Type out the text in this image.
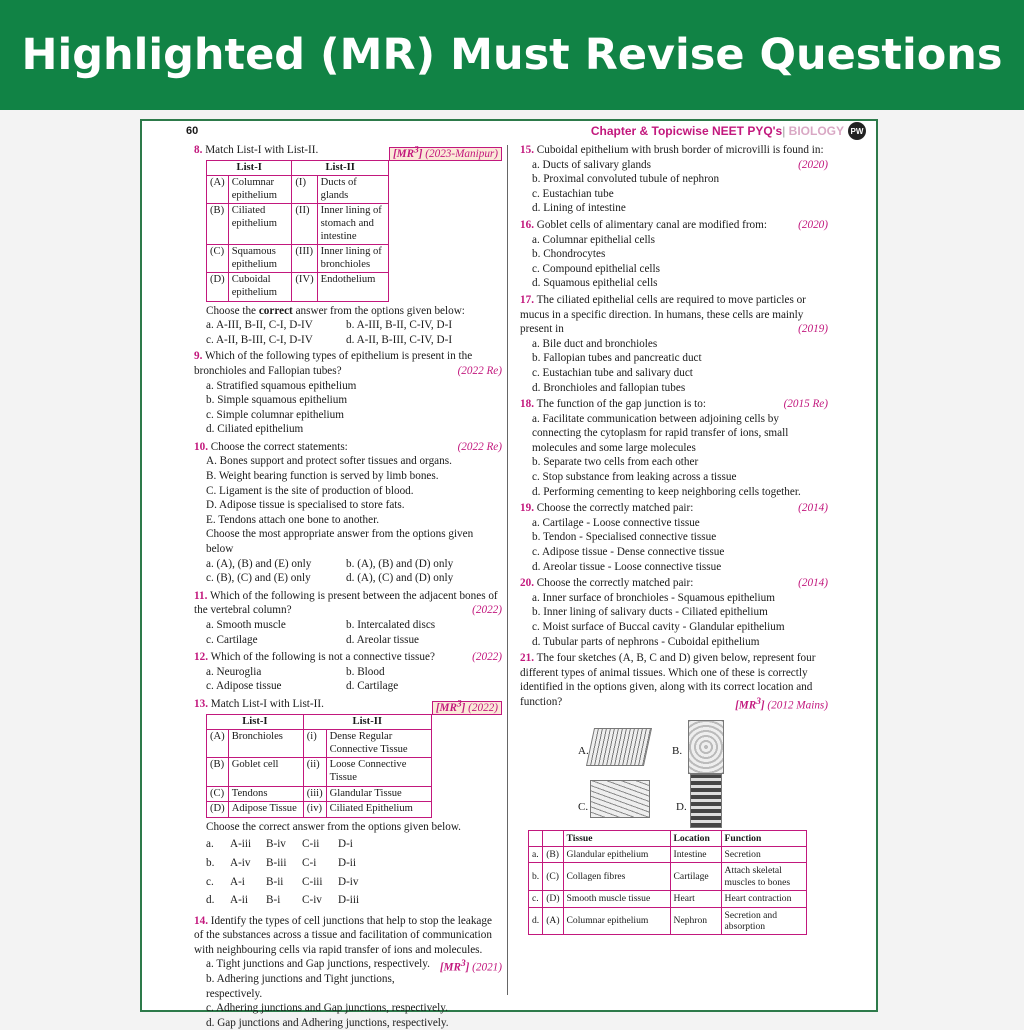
Highlighted (MR) Must Revise Questions
60	Chapter & Topicwise NEET PYQ's| BIOLOGY PW
8. Match List-I with List-II.	$[MR^3]$ (2023-Manipur)
List-I		List-II	
(A)	Columnar epithelium	(I)	Ducts of glands
(B)	Ciliated epithelium	(II)	Inner lining of stomach and intestine
(C)	Squamous epithelium	(III)	Inner lining of bronchioles
(D)	Cuboidal epithelium	(IV)	Endothelium
Choose the correct answer from the options given below:
a. A-III, B-II, C-I, D-IV	b. A-III, B-II, C-IV, D-I
c. A-II, B-III, C-I, D-IV	d. A-II, B-III, C-IV, D-I
9. Which of the following types of epithelium is present in the bronchioles and Fallopian tubes?	(2022 Re)
a. Stratified squamous epithelium
b. Simple squamous epithelium
c. Simple columnar epithelium
d. Ciliated epithelium
10. Choose the correct statements:	(2022 Re)
A. Bones support and protect softer tissues and organs.
B. Weight bearing function is served by limb bones.
C. Ligament is the site of production of blood.
D. Adipose tissue is specialised to store fats.
E. Tendons attach one bone to another.
Choose the most appropriate answer from the options given below
a. (A), (B) and (E) only	b. (A), (B) and (D) only
c. (B), (C) and (E) only	d. (A), (C) and (D) only
11. Which of the following is present between the adjacent bones of the vertebral column?	(2022)
a. Smooth muscle	b. Intercalated discs
c. Cartilage	d. Areolar tissue
12. Which of the following is not a connective tissue?	(2022)
a. Neuroglia	b. Blood
c. Adipose tissue	d. Cartilage
13. Match List-I with List-II.	$[MR^3]$ (2022)
List-I		List-II	
(A)	Bronchioles	(i)	Dense Regular Connective Tissue
(B)	Goblet cell	(ii)	Loose Connective Tissue
(C)	Tendons	(iii)	Glandular Tissue
(D)	Adipose Tissue	(iv)	Ciliated Epithelium
Choose the correct answer from the options given below.
a.	A-iii	B-iv	C-ii	D-i
b.	A-iv	B-iii	C-i	D-ii
c.	A-i	B-ii	C-iii	D-iv
d.	A-ii	B-i	C-iv	D-iii
14. Identify the types of cell junctions that help to stop the leakage of the substances across a tissue and facilitation of communication with neighbouring cells via rapid transfer of ions and molecules.
$[MR^3]$ (2021)
a. Tight junctions and Gap junctions, respectively.
b. Adhering junctions and Tight junctions, respectively.
c. Adhering junctions and Gap junctions, respectively.
d. Gap junctions and Adhering junctions, respectively.
15. Cuboidal epithelium with brush border of microvilli is found in:
(2020)
a. Ducts of salivary glands
b. Proximal convoluted tubule of nephron
c. Eustachian tube
d. Lining of intestine
16. Goblet cells of alimentary canal are modified from:	(2020)
a. Columnar epithelial cells
b. Chondrocytes
c. Compound epithelial cells
d. Squamous epithelial cells
17. The ciliated epithelial cells are required to move particles or mucus in a specific direction. In humans, these cells are mainly present in	(2019)
a. Bile duct and bronchioles
b. Fallopian tubes and pancreatic duct
c. Eustachian tube and salivary duct
d. Bronchioles and fallopian tubes
18. The function of the gap junction is to:	(2015 Re)
a. Facilitate communication between adjoining cells by connecting the cytoplasm for rapid transfer of ions, small molecules and some large molecules
b. Separate two cells from each other
c. Stop substance from leaking across a tissue
d. Performing cementing to keep neighboring cells together.
19. Choose the correctly matched pair:	(2014)
a. Cartilage - Loose connective tissue
b. Tendon - Specialised connective tissue
c. Adipose tissue - Dense connective tissue
d. Areolar tissue - Loose connective tissue
20. Choose the correctly matched pair:	(2014)
a. Inner surface of bronchioles - Squamous epithelium
b. Inner lining of salivary ducts - Ciliated epithelium
c. Moist surface of Buccal cavity - Glandular epithelium
d. Tubular parts of nephrons - Cuboidal epithelium
21. The four sketches (A, B, C and D) given below, represent four different types of animal tissues. Which one of these is correctly identified in the options given, along with its correct location and function?	$[MR^3]$ (2012 Mains)
A.	B.
C.	D.
		Tissue	Location	Function
a.	(B)	Glandular epithelium	Intestine	Secretion
b.	(C)	Collagen fibres	Cartilage	Attach skeletal muscles to bones
c.	(D)	Smooth muscle tissue	Heart	Heart contraction
d.	(A)	Columnar epithelium	Nephron	Secretion and absorption
